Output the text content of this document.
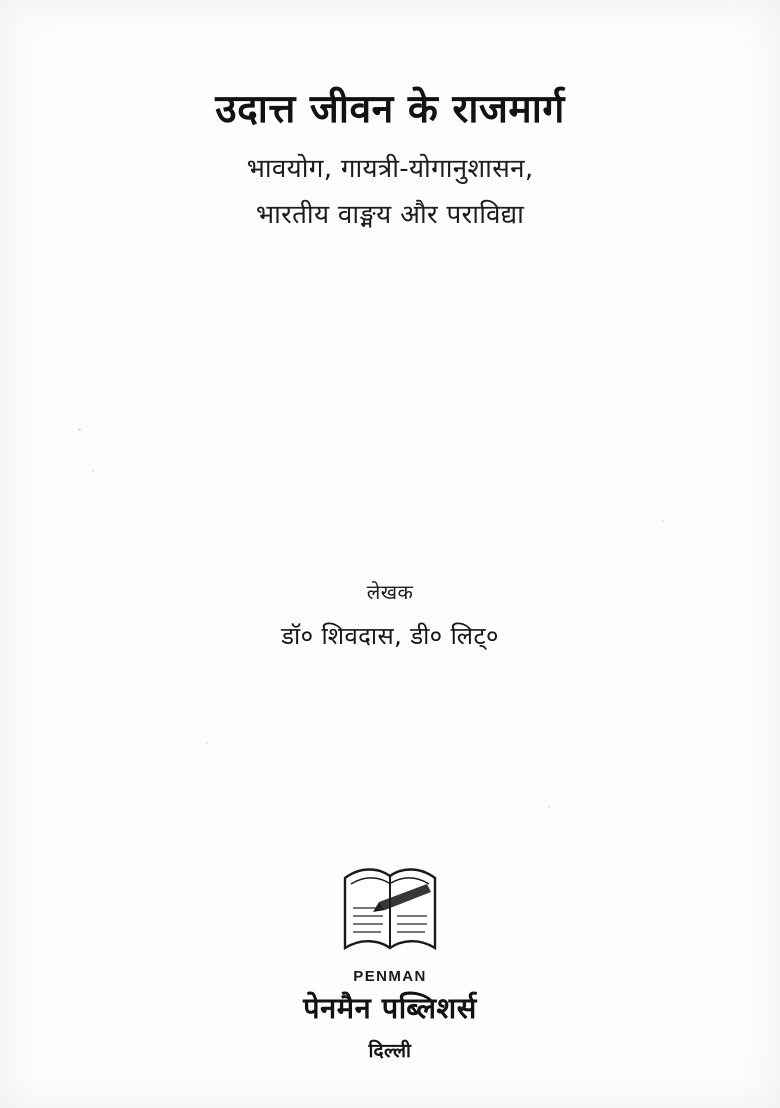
उदात्त जीवन के राजमार्ग
भावयोग, गायत्री-योगानुशासन,
भारतीय वाङ्मय और पराविद्या
लेखक
डॉ० शिवदास, डी० लिट्०
PENMAN
पेनमैन पब्लिशर्स
दिल्ली
